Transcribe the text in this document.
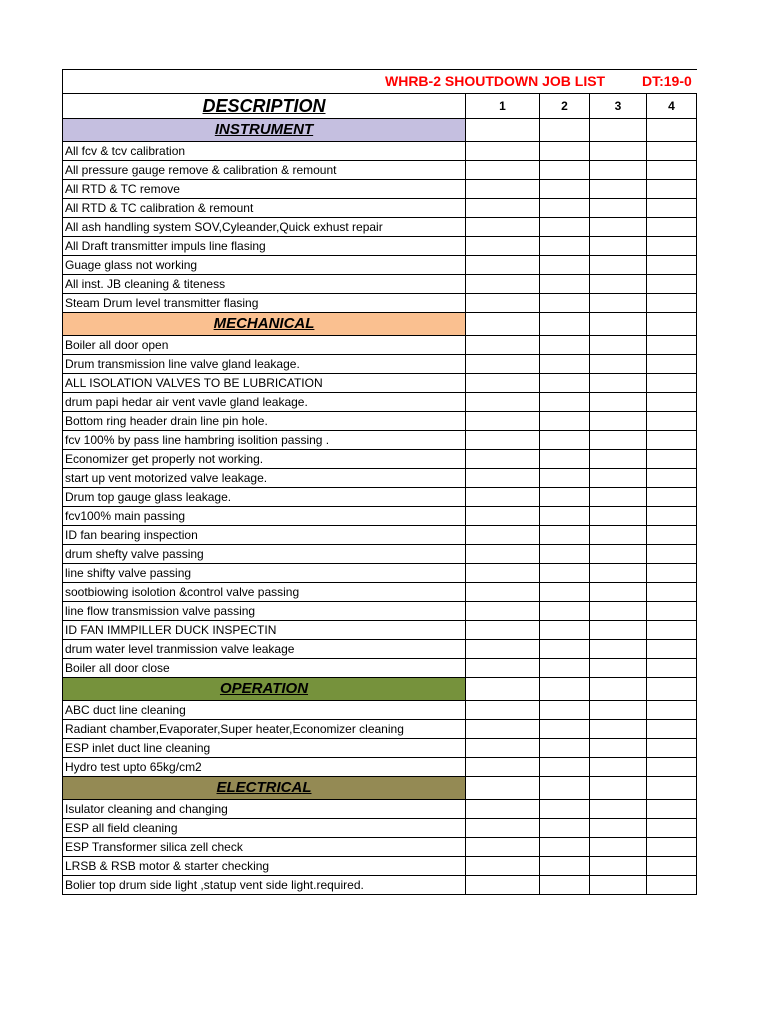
WHRB-2 SHOUTDOWN JOB LIST DT:19-0				

DESCRIPTION	1	2	3	4
INSTRUMENT				
All fcv & tcv calibration				
All pressure gauge remove & calibration & remount				
All RTD & TC remove				
All RTD & TC calibration & remount				
All ash handling system SOV,Cyleander,Quick exhust repair				
All Draft transmitter impuls line flasing				
Guage glass not working				
All inst. JB cleaning & titeness				
Steam Drum level transmitter flasing				
MECHANICAL				
Boiler all door open				
Drum transmission line valve gland leakage.				
ALL ISOLATION VALVES TO BE LUBRICATION				
drum papi hedar air vent vavle gland leakage.				
Bottom ring header drain line pin hole.				
fcv 100% by pass line hambring isolition passing .				
Economizer get properly not working.				
start up vent motorized valve leakage.				
Drum top gauge glass leakage.				
fcv100% main passing				
ID fan bearing inspection				
drum shefty valve passing				
line shifty valve passing				
sootbiowing isolotion &control valve passing				
line flow transmission valve passing				
ID FAN IMMPILLER DUCK INSPECTIN				
drum water level tranmission valve leakage				
Boiler all door close				
OPERATION				
ABC duct line cleaning				
Radiant chamber,Evaporater,Super heater,Economizer cleaning				
ESP inlet duct line cleaning				
Hydro test upto 65kg/cm2				
ELECTRICAL				
Isulator cleaning and changing				
ESP all field cleaning				
ESP Transformer silica zell check				
LRSB & RSB motor & starter checking				
Bolier top drum side light ,statup vent side light.required.				
